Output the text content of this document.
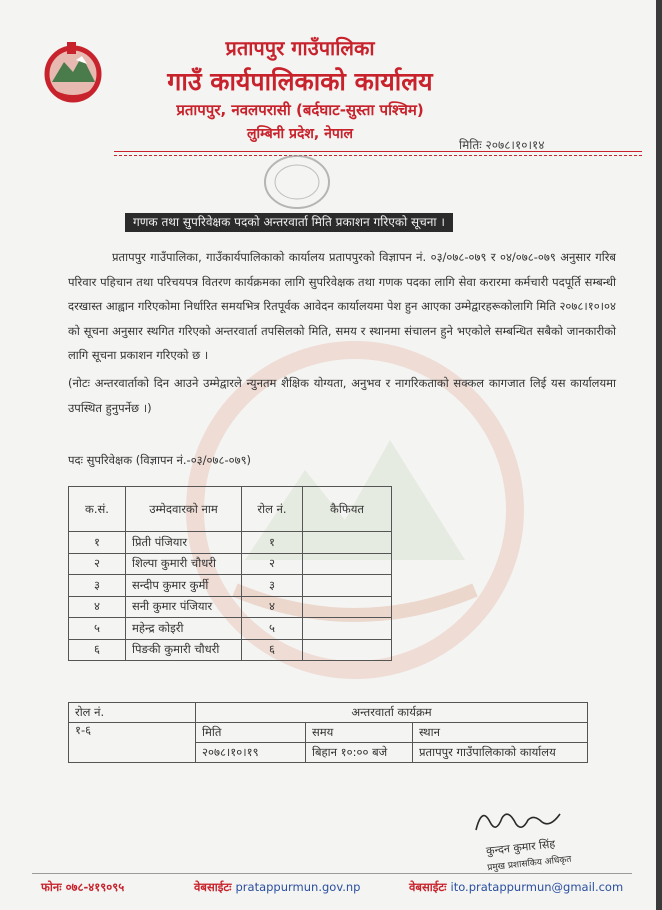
प्रतापपुर गाउँपालिका
गाउँ कार्यपालिकाको कार्यालय
प्रतापपुर, नवलपरासी (बर्दघाट-सुस्ता पश्चिम)
लुम्बिनी प्रदेश, नेपाल
मितिः २०७८।१०।१४
गणक तथा सुपरिवेक्षक पदको अन्तरवार्ता मिति प्रकाशन गरिएको सूचना ।
प्रतापपुर गाउँपालिका, गाउँकार्यपालिकाको कार्यालय प्रतापपुरको विज्ञापन नं. ०३/०७८-०७९ र ०४/०७८-०७९ अनुसार गरिब परिवार पहिचान तथा परिचयपत्र वितरण कार्यक्रमका लागि सुपरिवेक्षक तथा गणक पदका लागि सेवा करारमा कर्मचारी पदपूर्ति सम्बन्धी दरखास्त आह्वान गरिएकोमा निर्धारित समयभित्र रितपूर्वक आवेदन कार्यालयमा पेश हुन आएका उम्मेद्वारहरूकोलागि मिति २०७८।१०।०४ को सूचना अनुसार स्थगित गरिएको अन्तरवार्ता तपसिलको मिति, समय र स्थानमा संचालन हुने भएकोले सम्बन्धित सबैको जानकारीको लागि सूचना प्रकाशन गरिएको छ ।
(नोटः अन्तरवार्ताको दिन आउने उम्मेद्वारले न्युनतम शैक्षिक योग्यता, अनुभव र नागरिकताको सक्कल कागजात लिई यस कार्यालयमा उपस्थित हुनुपर्नेछ ।)
पदः सुपरिवेक्षक (विज्ञापन नं.-०३/०७८-०७९)
क.सं.	उम्मेदवारको नाम	रोल नं.	कैफियत
१	प्रिती पंजियार	१	
२	शिल्पा कुमारी चौधरी	२	
३	सन्दीप कुमार कुर्मी	३	
४	सनी कुमार पंजियार	४	
५	महेन्द्र कोइरी	५	
६	पिङकी कुमारी चौधरी	६	
रोल नं.	अन्तरवार्ता कार्यक्रम		
१-६	मिति	समय	स्थान
	२०७८।१०।१९	बिहान १०:०० बजे	प्रतापपुर गाउँपालिकाको कार्यालय
कुन्दन कुमार सिंह
प्रमुख प्रशासकिय अधिकृत
फोनः ०७८-४१९०९५	वेबसाईटः pratappurmun.gov.np	वेबसाईटः ito.pratappurmun@gmail.com
